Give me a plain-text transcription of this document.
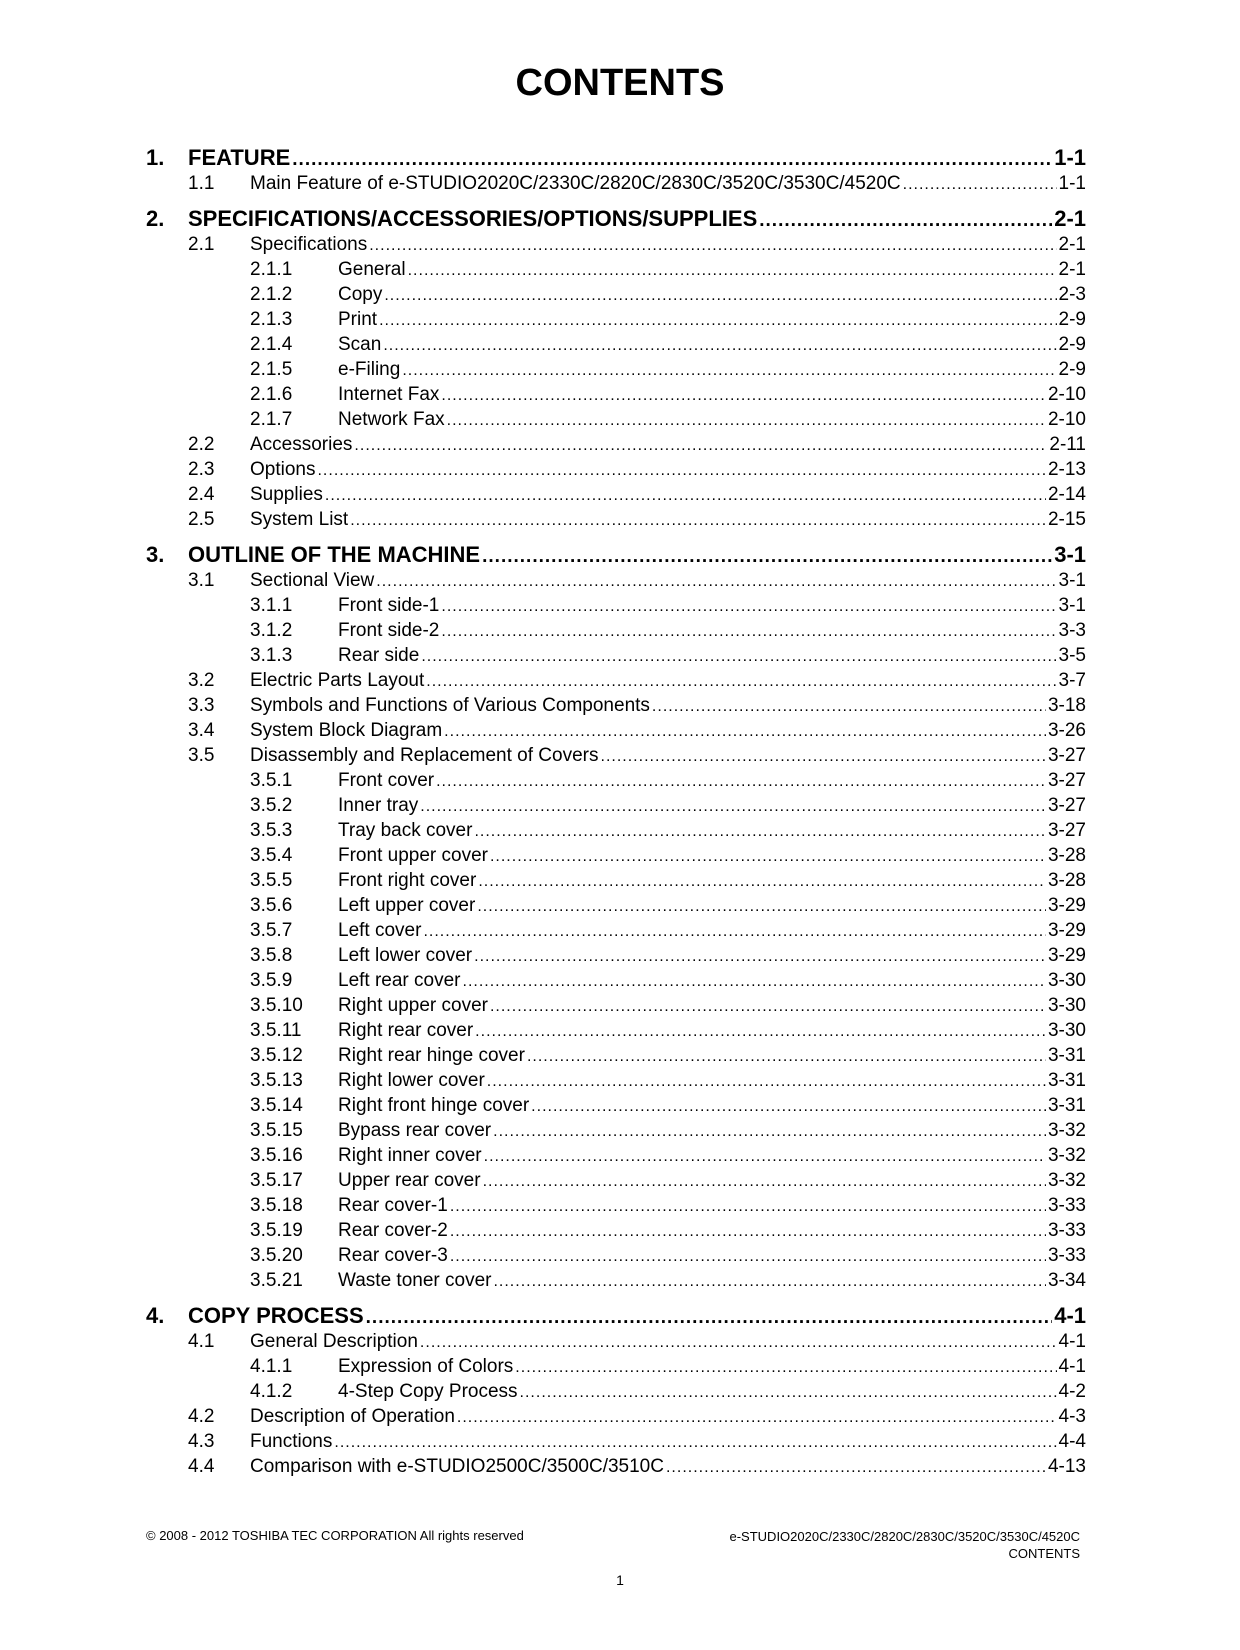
CONTENTS
1.	FEATURE .....	1-1
1.1	Main Feature of e-STUDIO2020C/2330C/2820C/2830C/3520C/3530C/4520C .....	1-1
2.	SPECIFICATIONS/ACCESSORIES/OPTIONS/SUPPLIES .....	2-1
2.1	Specifications .....	2-1
2.1.1	General .....	2-1
2.1.2	Copy .....	2-3
2.1.3	Print .....	2-9
2.1.4	Scan .....	2-9
2.1.5	e-Filing .....	2-9
2.1.6	Internet Fax .....	2-10
2.1.7	Network Fax .....	2-10
2.2	Accessories .....	2-11
2.3	Options .....	2-13
2.4	Supplies .....	2-14
2.5	System List .....	2-15
3.	OUTLINE OF THE MACHINE .....	3-1
3.1	Sectional View .....	3-1
3.1.1	Front side-1 .....	3-1
3.1.2	Front side-2 .....	3-3
3.1.3	Rear side .....	3-5
3.2	Electric Parts Layout .....	3-7
3.3	Symbols and Functions of Various Components .....	3-18
3.4	System Block Diagram .....	3-26
3.5	Disassembly and Replacement of Covers .....	3-27
3.5.1	Front cover .....	3-27
3.5.2	Inner tray .....	3-27
3.5.3	Tray back cover .....	3-27
3.5.4	Front upper cover .....	3-28
3.5.5	Front right cover .....	3-28
3.5.6	Left upper cover .....	3-29
3.5.7	Left cover .....	3-29
3.5.8	Left lower cover .....	3-29
3.5.9	Left rear cover .....	3-30
3.5.10	Right upper cover .....	3-30
3.5.11	Right rear cover .....	3-30
3.5.12	Right rear hinge cover .....	3-31
3.5.13	Right lower cover .....	3-31
3.5.14	Right front hinge cover .....	3-31
3.5.15	Bypass rear cover .....	3-32
3.5.16	Right inner cover .....	3-32
3.5.17	Upper rear cover .....	3-32
3.5.18	Rear cover-1 .....	3-33
3.5.19	Rear cover-2 .....	3-33
3.5.20	Rear cover-3 .....	3-33
3.5.21	Waste toner cover .....	3-34
4.	COPY PROCESS .....	4-1
4.1	General Description .....	4-1
4.1.1	Expression of Colors .....	4-1
4.1.2	4-Step Copy Process .....	4-2
4.2	Description of Operation .....	4-3
4.3	Functions .....	4-4
4.4	Comparison with e-STUDIO2500C/3500C/3510C .....	4-13
© 2008 - 2012 TOSHIBA TEC CORPORATION All rights reserved	e-STUDIO2020C/2330C/2820C/2830C/3520C/3530C/4520C
CONTENTS
1
